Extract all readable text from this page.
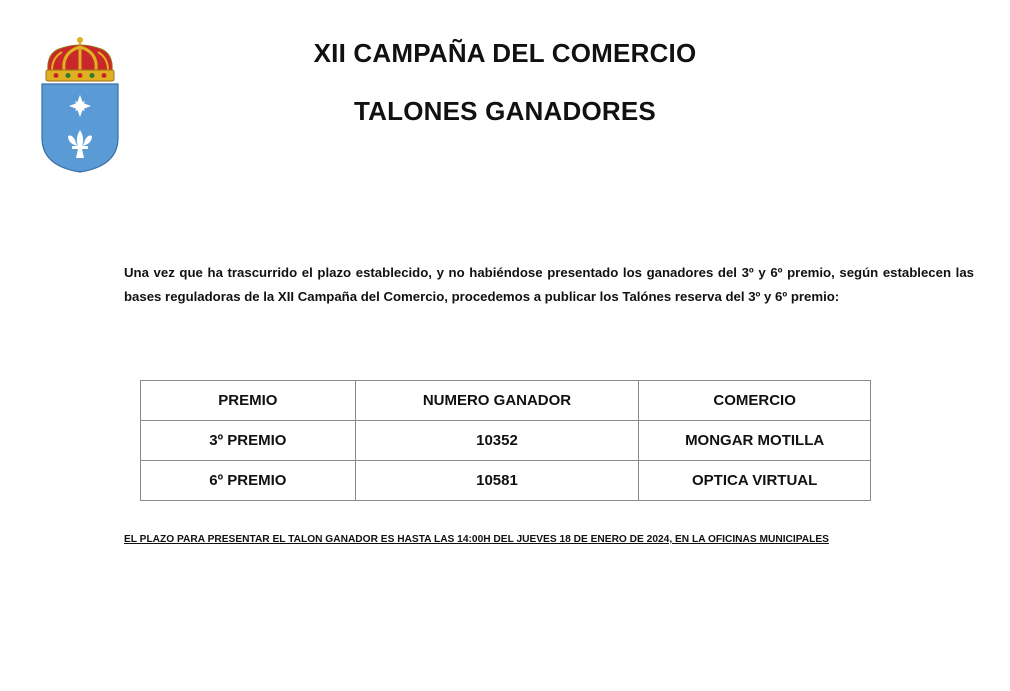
XII CAMPAÑA DEL COMERCIO
TALONES GANADORES

Una vez que ha trascurrido el plazo establecido, y no habiéndose presentado los ganadores del 3º y 6º premio, según establecen las bases reguladoras de la XII Campaña del Comercio, procedemos a publicar los Talónes reserva del 3º y 6º premio:

PREMIO	NUMERO GANADOR	COMERCIO
3º PREMIO	10352	MONGAR MOTILLA
6º PREMIO	10581	OPTICA VIRTUAL
EL PLAZO PARA PRESENTAR EL TALON GANADOR ES HASTA LAS 14:00H DEL JUEVES 18 DE ENERO DE 2024, EN LA OFICINAS MUNICIPALES
